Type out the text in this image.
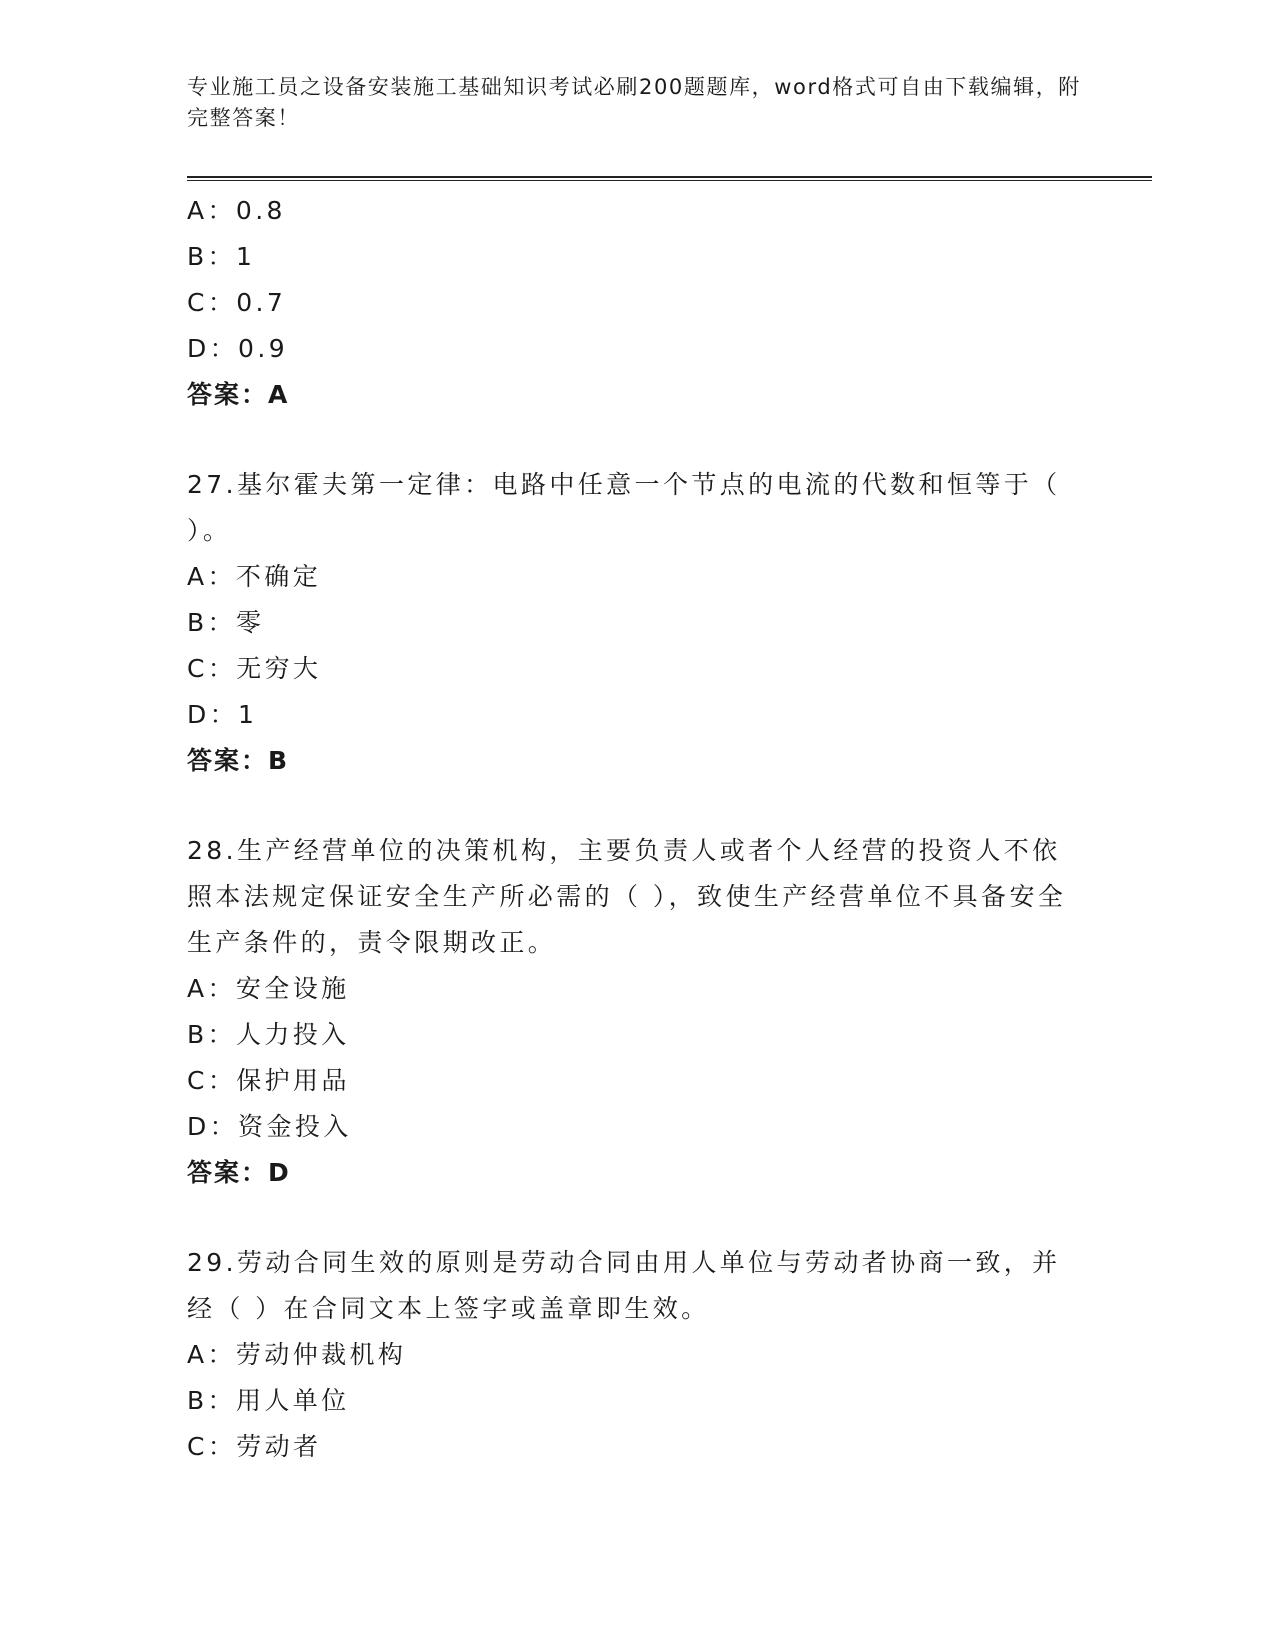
专业施工员之设备安装施工基础知识考试必刷200题题库，word格式可自由下载编辑，附完整答案！
A：0.8
B：1
C：0.7
D：0.9
答案：A
27.基尔霍夫第一定律：电路中任意一个节点的电流的代数和恒等于（ ）。
A：不确定
B：零
C：无穷大
D：1
答案：B
28.生产经营单位的决策机构，主要负责人或者个人经营的投资人不依照本法规定保证安全生产所必需的（ ），致使生产经营单位不具备安全生产条件的，责令限期改正。
A：安全设施
B：人力投入
C：保护用品
D：资金投入
答案：D
29.劳动合同生效的原则是劳动合同由用人单位与劳动者协商一致，并经（ ）在合同文本上签字或盖章即生效。
A：劳动仲裁机构
B：用人单位
C：劳动者
